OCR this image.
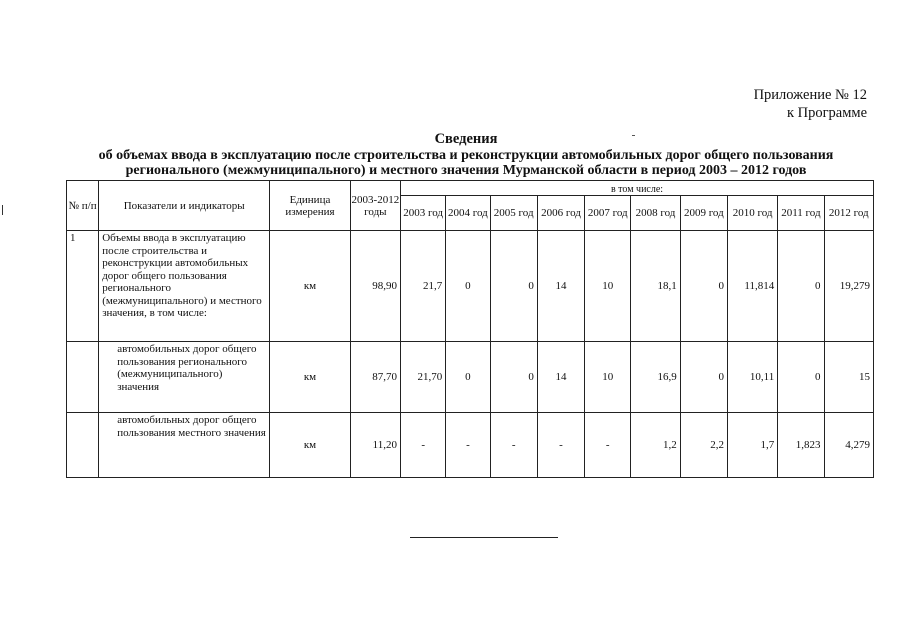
Приложение № 12
к Программе
Сведения
об объемах ввода в эксплуатацию после строительства и реконструкции автомобильных дорог общего пользования
регионального (межмуниципального) и местного значения Мурманской области в период 2003 – 2012 годов
№ п/п	Показатели и индикаторы	Единица измерения	2003-2012 годы	в том числе:									
				2003 год	2004 год	2005 год	2006 год	2007 год	2008 год	2009 год	2010 год	2011 год	2012 год
1	Объемы ввода в эксплуатацию после строительства и реконструкции автомобильных дорог общего пользования регионального (межмуниципального) и местного значения, в том числе:	км	98,90	21,7	0	0	14	10	18,1	0	11,814	0	19,279
	автомобильных дорог общего пользования регионального (межмуниципального) значения	км	87,70	21,70	0	0	14	10	16,9	0	10,11	0	15
	автомобильных дорог общего пользования местного значения	км	11,20	-	-	-	-	-	1,2	2,2	1,7	1,823	4,279
